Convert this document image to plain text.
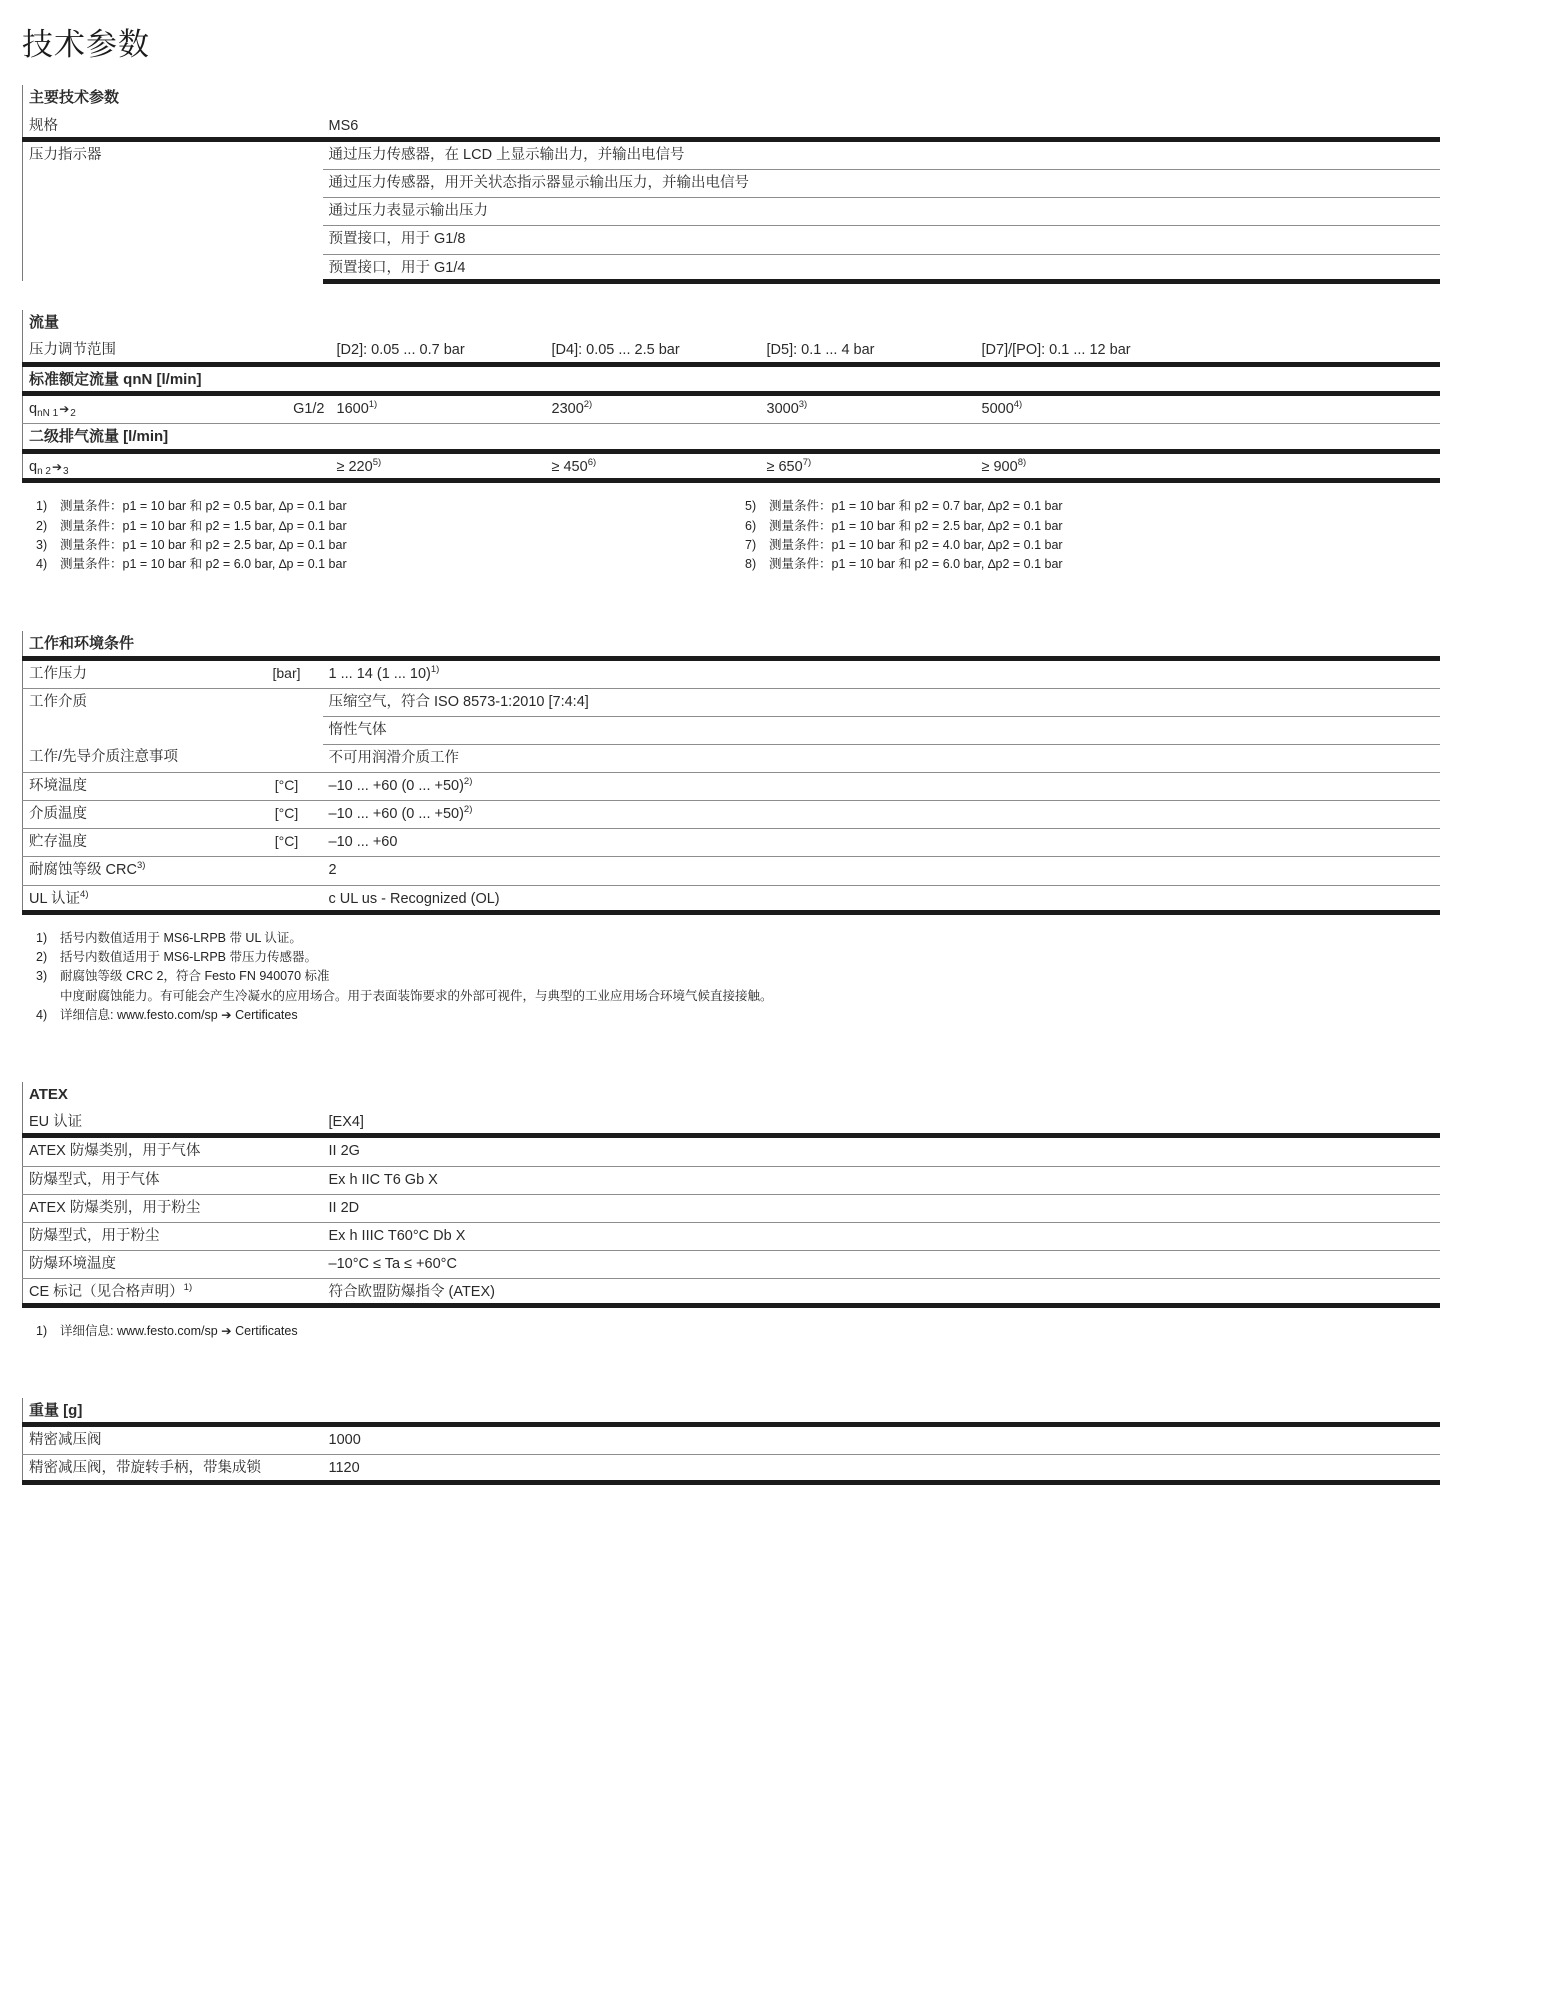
技术参数
主要技术参数	
规格	MS6
压力指示器	通过压力传感器，在 LCD 上显示输出力，并输出电信号
	通过压力传感器，用开关状态指示器显示输出压力，并输出电信号
	通过压力表显示输出压力
	预置接口，用于 G1/8
	预置接口，用于 G1/4
流量					
压力调节范围		[D2]: 0.05 ... 0.7 bar	[D4]: 0.05 ... 2.5 bar	[D5]: 0.1 ... 4 bar	[D7]/[PO]: 0.1 ... 12 bar
标准额定流量 qnN [l/min]					
$q_{nN 1}➔_2$	G1/2	1600$^{1)}$	2300$^{2)}$	3000$^{3)}$	5000$^{4)}$
二级排气流量 [l/min]					
$q_{n 2}➔_3$		≥ $220^{5)}$	≥ $450^{6)}$	≥ $650^{7)}$	≥ $900^{8)}$
1)	测量条件：p1 = 10 bar 和 p2 = 0.5 bar, ∆p = 0.1 bar
2)	测量条件：p1 = 10 bar 和 p2 = 1.5 bar, ∆p = 0.1 bar
3)	测量条件：p1 = 10 bar 和 p2 = 2.5 bar, ∆p = 0.1 bar
4)	测量条件：p1 = 10 bar 和 p2 = 6.0 bar, ∆p = 0.1 bar
5)	测量条件：p1 = 10 bar 和 p2 = 0.7 bar, ∆p2 = 0.1 bar
6)	测量条件：p1 = 10 bar 和 p2 = 2.5 bar, ∆p2 = 0.1 bar
7)	测量条件：p1 = 10 bar 和 p2 = 4.0 bar, ∆p2 = 0.1 bar
8)	测量条件：p1 = 10 bar 和 p2 = 6.0 bar, ∆p2 = 0.1 bar
工作和环境条件		
工作压力	[bar]	1 ... 14 (1 ... 10)$^{1)}$
工作介质		压缩空气，符合 ISO 8573-1:2010 [7:4:4]
		惰性气体
工作/先导介质注意事项		不可用润滑介质工作
环境温度	[°C]	–10 ... +60 (0 ... +50)$^{2)}$
介质温度	[°C]	–10 ... +60 (0 ... +50)$^{2)}$
贮存温度	[°C]	–10 ... +60
耐腐蚀等级 CRC$^{3)}$		2
UL 认证$^{4)}$		c UL us - Recognized (OL)
1)	括号内数值适用于 MS6-LRPB 带 UL 认证。
2)	括号内数值适用于 MS6-LRPB 带压力传感器。
3)	耐腐蚀等级 CRC 2，符合 Festo FN 940070 标准
中度耐腐蚀能力。有可能会产生冷凝水的应用场合。用于表面装饰要求的外部可视件，与典型的工业应用场合环境气候直接接触。
4)	详细信息: www.festo.com/sp ➔ Certificates
ATEX	
EU 认证	[EX4]
ATEX 防爆类别，用于气体	II 2G
防爆型式，用于气体	Ex h IIC T6 Gb X
ATEX 防爆类别，用于粉尘	II 2D
防爆型式，用于粉尘	Ex h IIIC T60°C Db X
防爆环境温度	–10°C ≤ Ta ≤ +60°C
CE 标记（见合格声明）$^{1)}$	符合欧盟防爆指令 (ATEX)
1)	详细信息: www.festo.com/sp ➔ Certificates
重量 [g]	
精密减压阀	1000
精密减压阀，带旋转手柄，带集成锁	1120
